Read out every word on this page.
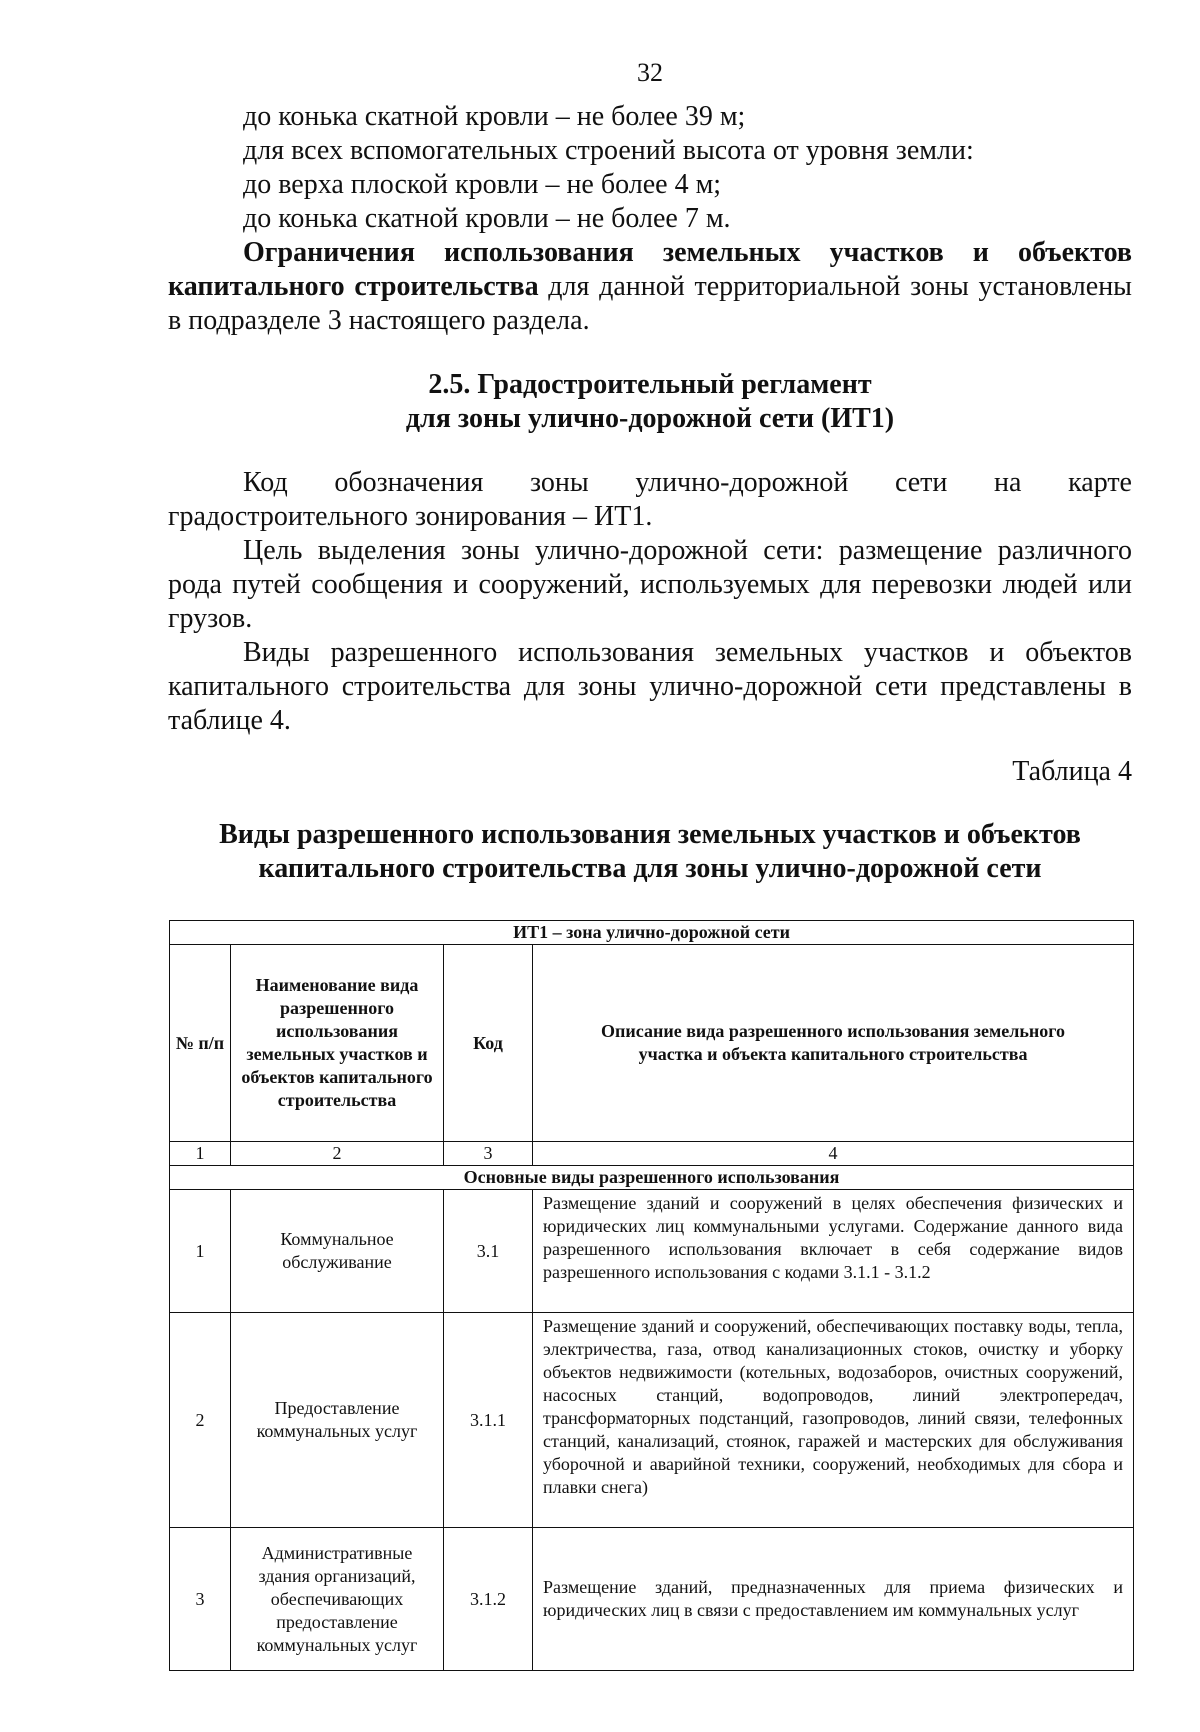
32
до конька скатной кровли – не более 39 м;
для всех вспомогательных строений высота от уровня земли:
до верха плоской кровли – не более 4 м;
до конька скатной кровли – не более 7 м.
Ограничения использования земельных участков и объектов капитального строительства для данной территориальной зоны установлены в подразделе 3 настоящего раздела.
2.5. Градостроительный регламент
для зоны улично-дорожной сети (ИТ1)
Код обозначения зоны улично-дорожной сети на карте градостроительного зонирования – ИТ1.
Цель выделения зоны улично-дорожной сети: размещение различного рода путей сообщения и сооружений, используемых для перевозки людей или грузов.
Виды разрешенного использования земельных участков и объектов капитального строительства для зоны улично-дорожной сети представлены в таблице 4.
Таблица 4
Виды разрешенного использования земельных участков и объектов
капитального строительства для зоны улично-дорожной сети
ИТ1 – зона улично-дорожной сети			
№ п/п	Наименование вида разрешенного использования земельных участков и объектов капитального строительства	Код	Описание вида разрешенного использования земельного участка и объекта капитального строительства
1	2	3	4
Основные виды разрешенного использования			
1	Коммунальное обслуживание	3.1	Размещение зданий и сооружений в целях обеспечения физических и юридических лиц коммунальными услугами. Содержание данного вида разрешенного использования включает в себя содержание видов разрешенного использования с кодами 3.1.1 - 3.1.2
2	Предоставление коммунальных услуг	3.1.1	Размещение зданий и сооружений, обеспечивающих поставку воды, тепла, электричества, газа, отвод канализационных стоков, очистку и уборку объектов недвижимости (котельных, водозаборов, очистных сооружений, насосных станций, водопроводов, линий электропередач, трансформаторных подстанций, газопроводов, линий связи, телефонных станций, канализаций, стоянок, гаражей и мастерских для обслуживания уборочной и аварийной техники, сооружений, необходимых для сбора и плавки снега)
3	Административные здания организаций, обеспечивающих предоставление коммунальных услуг	3.1.2	Размещение зданий, предназначенных для приема физических и юридических лиц в связи с предоставлением им коммунальных услуг
